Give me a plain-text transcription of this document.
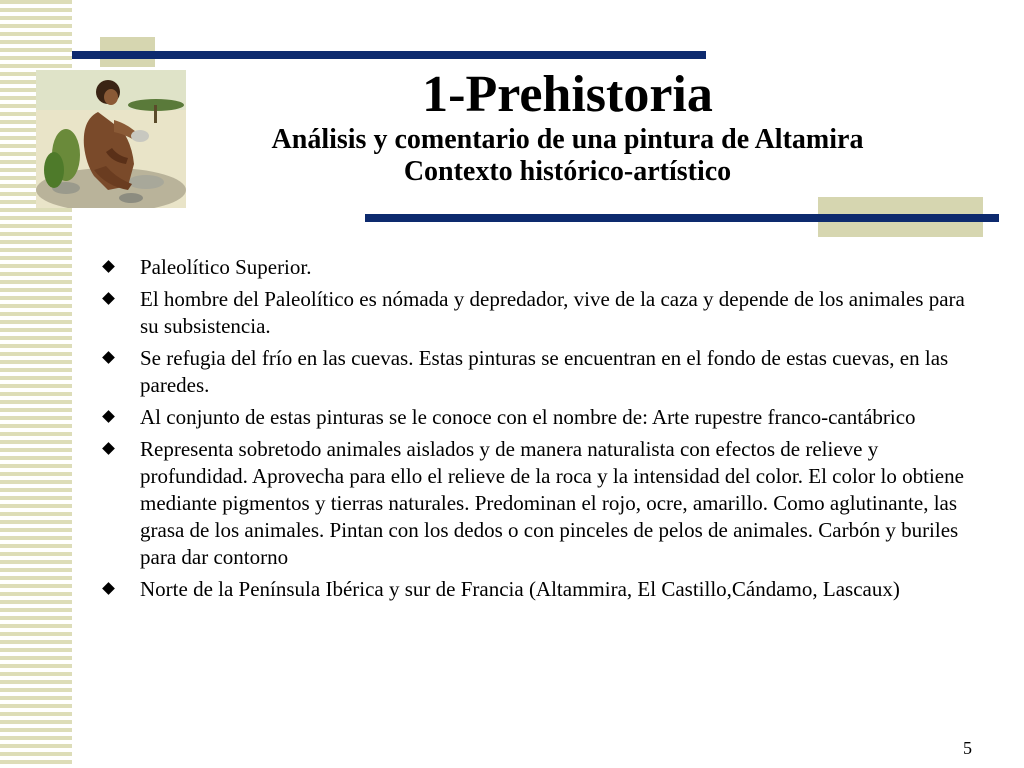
1-Prehistoria

Análisis y comentario de una pintura de Altamira

Contexto histórico-artístico

Paleolítico Superior.
El hombre del Paleolítico es nómada y depredador, vive de la caza y depende de los animales para su subsistencia.
Se refugia del frío en las cuevas. Estas pinturas se encuentran en el fondo de estas cuevas, en las paredes.
Al conjunto de estas pinturas se le conoce con el nombre de: Arte rupestre franco-cantábrico
Representa sobretodo animales aislados y de manera naturalista con efectos de relieve y profundidad. Aprovecha para ello el relieve de la roca y la intensidad del color. El color lo obtiene mediante pigmentos y tierras naturales. Predominan el rojo, ocre, amarillo. Como aglutinante, las grasa de los animales. Pintan con los dedos o con pinceles de pelos de animales. Carbón y buriles para dar contorno
Norte de la Península Ibérica y sur de Francia (Altammira, El Castillo,Cándamo, Lascaux)
5
